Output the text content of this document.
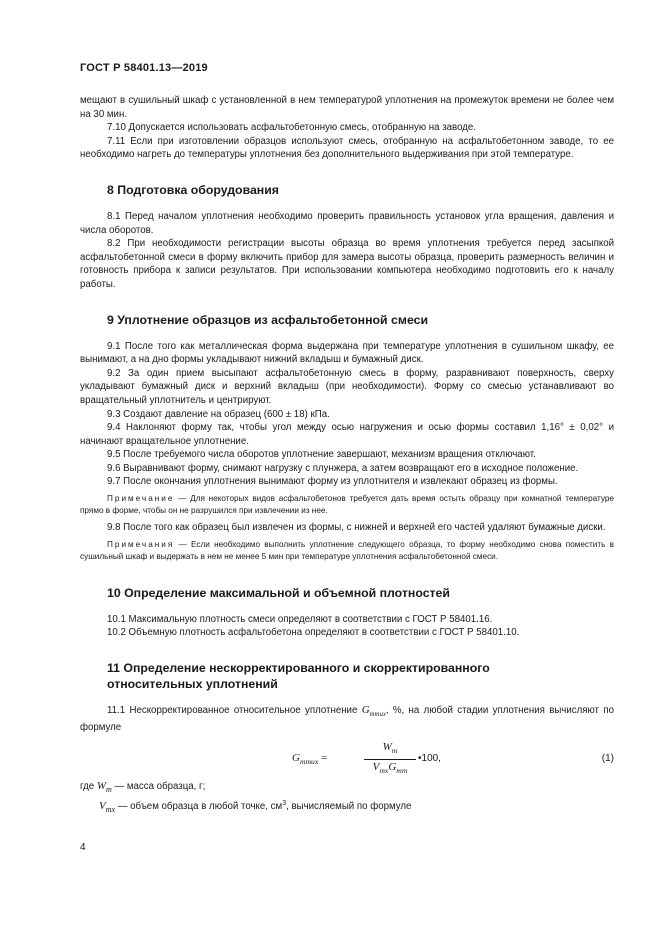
ГОСТ Р 58401.13—2019

мещают в сушильный шкаф с установленной в нем температурой уплотнения на промежуток времени не более чем на 30 мин.

7.10 Допускается использовать асфальтобетонную смесь, отобранную на заводе.

7.11 Если при изготовлении образцов используют смесь, отобранную на асфальтобетонном заводе, то ее необходимо нагреть до температуры уплотнения без дополнительного выдерживания при этой температуре.

8 Подготовка оборудования

8.1 Перед началом уплотнения необходимо проверить правильность установок угла вращения, давления и числа оборотов.

8.2 При необходимости регистрации высоты образца во время уплотнения требуется перед засыпкой асфальтобетонной смеси в форму включить прибор для замера высоты образца, проверить размерность величин и готовность прибора к записи результатов. При использовании компьютера необходимо подготовить его к началу работы.

9 Уплотнение образцов из асфальтобетонной смеси

9.1 После того как металлическая форма выдержана при температуре уплотнения в сушильном шкафу, ее вынимают, а на дно формы укладывают нижний вкладыш и бумажный диск.

9.2 За один прием высыпают асфальтобетонную смесь в форму, разравнивают поверхность, сверху укладывают бумажный диск и верхний вкладыш (при необходимости). Форму со смесью устанавливают во вращательный уплотнитель и центрируют.

9.3 Создают давление на образец (600 ± 18) кПа.

9.4 Наклоняют форму так, чтобы угол между осью нагружения и осью формы составил 1,16° ± 0,02° и начинают вращательное уплотнение.

9.5 После требуемого числа оборотов уплотнение завершают, механизм вращения отключают.

9.6 Выравнивают форму, снимают нагрузку с плунжера, а затем возвращают его в исходное положение.

9.7 После окончания уплотнения вынимают форму из уплотнителя и извлекают образец из формы.

Примечание — Для некоторых видов асфальтобетонов требуется дать время остыть образцу при комнатной температуре прямо в форме, чтобы он не разрушился при извлечении из нее.

9.8 После того как образец был извлечен из формы, с нижней и верхней его частей удаляют бумажные диски.

Примечания — Если необходимо выполнить уплотнение следующего образца, то форму необходимо снова поместить в сушильный шкаф и выдержать в нем не менее 5 мин при температуре уплотнения асфальтобетонной смеси.

10 Определение максимальной и объемной плотностей

10.1 Максимальную плотность смеси определяют в соответствии с ГОСТ Р 58401.16.

10.2 Объемную плотность асфальтобетона определяют в соответствии с ГОСТ Р 58401.10.

11 Определение нескорректированного и скорректированного
относительных уплотнений

11.1 Нескорректированное относительное уплотнение $G_{mmux}$, %, на любой стадии уплотнения вычисляют по формуле

$G_{mmux}$ =
$W_m$
$V_{mx}G_{mm}$
•100,	(1)
где $W_m$ — масса образца, г;
$V_{mx}$ — объем образца в любой точке, $см^3$, вычисляемый по формуле
4
